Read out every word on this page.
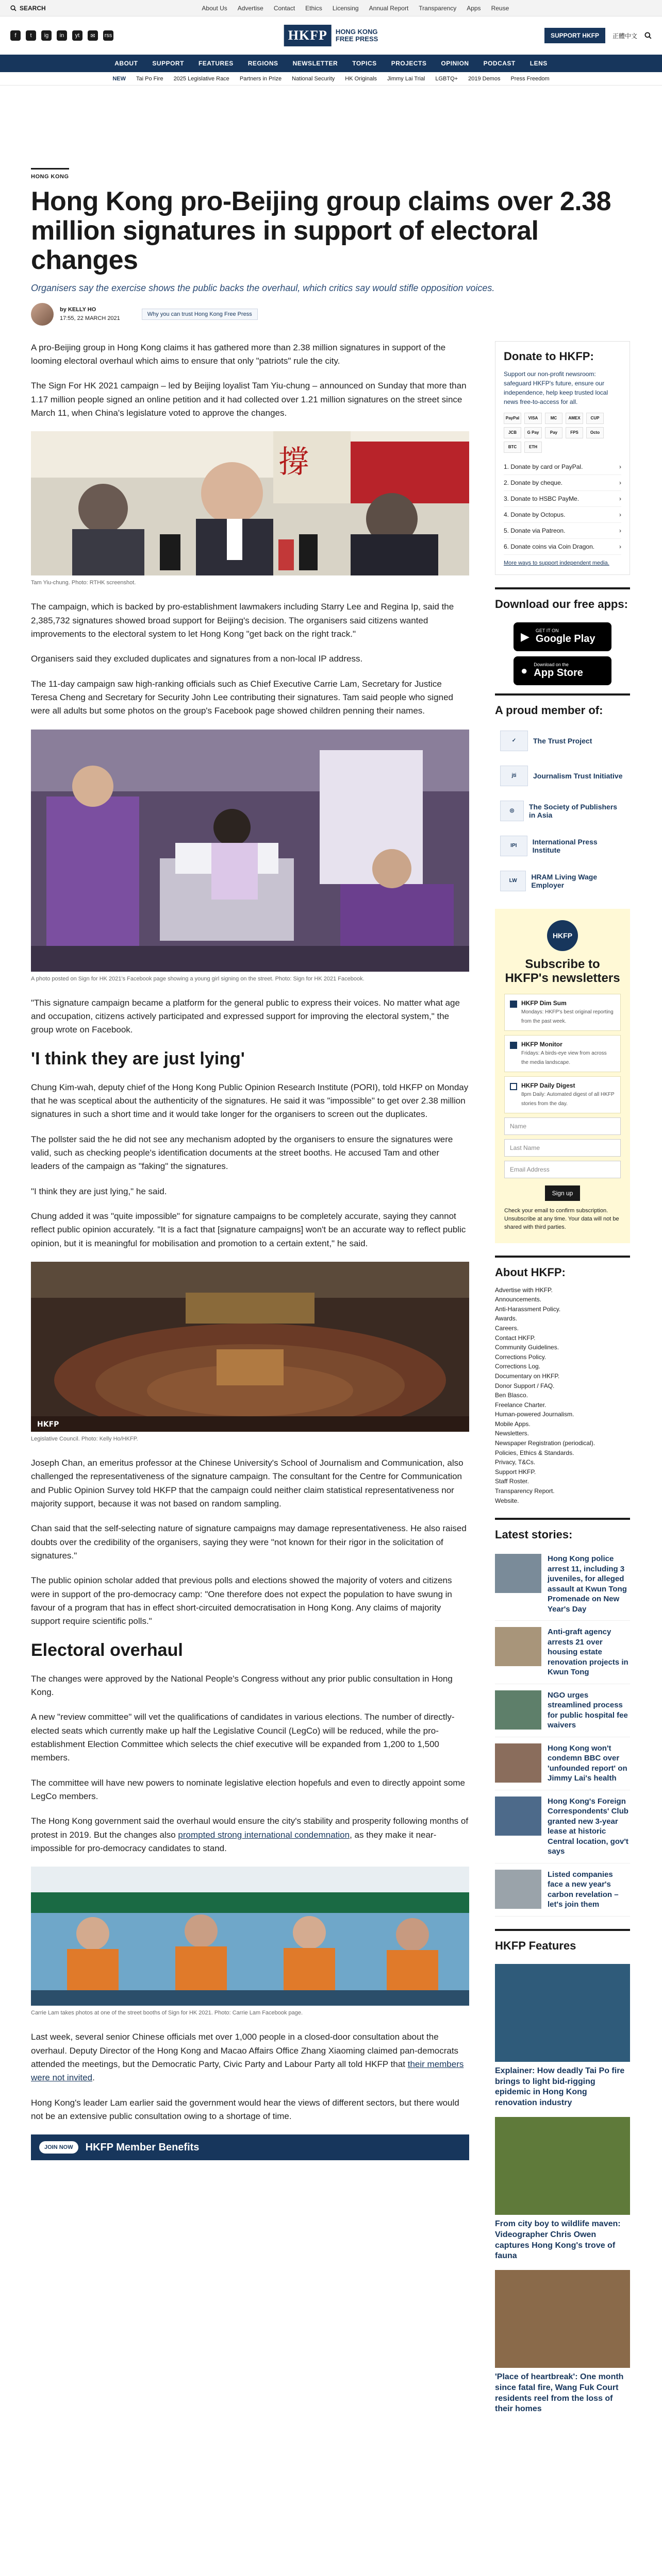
SEARCH	About Us Advertise Contact Ethics Licensing Annual Report Transparency Apps Reuse
f	t	ig	in	yt	✉	rss	HKFP	HONG KONG
FREE PRESS	SUPPORT HKFP	正體中文
ABOUT SUPPORT FEATURES REGIONS NEWSLETTER TOPICS PROJECTS OPINION PODCAST LENS
NEW Tai Po Fire 2025 Legislative Race Partners in Prize National Security HK Originals Jimmy Lai Trial LGBTQ+ 2019 Demos Press Freedom
HONG KONG
Hong Kong pro-Beijing group claims over 2.38 million signatures in support of electoral changes
Organisers say the exercise shows the public backs the overhaul, which critics say would stifle opposition voices.
by KELLY HO
17:55, 22 MARCH 2021
Why you can trust Hong Kong Free Press

A pro-Beijing group in Hong Kong claims it has gathered more than 2.38 million signatures in support of the looming electoral overhaul which aims to ensure that only "patriots" rule the city.

The Sign For HK 2021 campaign – led by Beijing loyalist Tam Yiu-chung – announced on Sunday that more than 1.17 million people signed an online petition and it had collected over 1.21 million signatures on the street since March 11, when China's legislature voted to approve the changes.

撐
Tam Yiu-chung. Photo: RTHK screenshot.

The campaign, which is backed by pro-establishment lawmakers including Starry Lee and Regina Ip, said the 2,385,732 signatures showed broad support for Beijing's decision. The organisers said citizens wanted improvements to the electoral system to let Hong Kong "get back on the right track."

Organisers said they excluded duplicates and signatures from a non-local IP address.

The 11-day campaign saw high-ranking officials such as Chief Executive Carrie Lam, Secretary for Justice Teresa Cheng and Secretary for Security John Lee contributing their signatures. Tam said people who signed were all adults but some photos on the group's Facebook page showed children penning their names.

A photo posted on Sign for HK 2021's Facebook page showing a young girl signing on the street. Photo: Sign for HK 2021 Facebook.

"This signature campaign became a platform for the general public to express their voices. No matter what age and occupation, citizens actively participated and expressed support for improving the electoral system," the group wrote on Facebook.

'I think they are just lying'

Chung Kim-wah, deputy chief of the Hong Kong Public Opinion Research Institute (PORI), told HKFP on Monday that he was sceptical about the authenticity of the signatures. He said it was "impossible" to get over 2.38 million signatures in such a short time and it would take longer for the organisers to screen out the duplicates.

The pollster said the he did not see any mechanism adopted by the organisers to ensure the signatures were valid, such as checking people's identification documents at the street booths. He accused Tam and other leaders of the campaign as "faking" the signatures.

"I think they are just lying," he said.

Chung added it was "quite impossible" for signature campaigns to be completely accurate, saying they cannot reflect public opinion accurately. "It is a fact that [signature campaigns] won't be an accurate way to reflect public opinion, but it is meaningful for mobilisation and promotion to a certain extent," he said.

HKFP
Legislative Council. Photo: Kelly Ho/HKFP.

Joseph Chan, an emeritus professor at the Chinese University's School of Journalism and Communication, also challenged the representativeness of the signature campaign. The consultant for the Centre for Communication and Public Opinion Survey told HKFP that the campaign could neither claim statistical representativeness nor majority support, because it was not based on random sampling.

Chan said that the self-selecting nature of signature campaigns may damage representativeness. He also raised doubts over the credibility of the organisers, saying they were "not known for their rigor in the solicitation of signatures."

The public opinion scholar added that previous polls and elections showed the majority of voters and citizens were in support of the pro-democracy camp: "One therefore does not expect the population to have swung in favour of a program that has in effect short-circuited democratisation in Hong Kong. Any claims of majority support require scientific polls."

Electoral overhaul

The changes were approved by the National People's Congress without any prior public consultation in Hong Kong.

A new "review committee" will vet the qualifications of candidates in various elections. The number of directly-elected seats which currently make up half the Legislative Council (LegCo) will be reduced, while the pro-establishment Election Committee which selects the chief executive will be expanded from 1,200 to 1,500 members.

The committee will have new powers to nominate legislative election hopefuls and even to directly appoint some LegCo members.

The Hong Kong government said the overhaul would ensure the city's stability and prosperity following months of protest in 2019. But the changes also prompted strong international condemnation, as they make it near-impossible for pro-democracy candidates to stand.

Carrie Lam takes photos at one of the street booths of Sign for HK 2021. Photo: Carrie Lam Facebook page.

Last week, several senior Chinese officials met over 1,000 people in a closed-door consultation about the overhaul. Deputy Director of the Hong Kong and Macao Affairs Office Zhang Xiaoming claimed pan-democrats attended the meetings, but the Democratic Party, Civic Party and Labour Party all told HKFP that their members were not invited.

Hong Kong's leader Lam earlier said the government would hear the views of different sectors, but there would not be an extensive public consultation owing to a shortage of time.

JOIN NOW	HKFP Member Benefits
Donate to HKFP:
Support our non-profit newsroom: safeguard HKFP's future, ensure our independence, help keep trusted local news free-to-access for all.
PayPal	VISA	MC	AMEX	CUP
JCB	G Pay	Pay	FPS	Octo
BTC	ETH
1. Donate by card or PayPal.	›
2. Donate by cheque.	›
3. Donate to HSBC PayMe.	›
4. Donate by Octopus.	›
5. Donate via Patreon.	›
6. Donate coins via Coin Dragon.	›
More ways to support independent media.
Download our free apps:
▶ GET IT ON
Google Play
● Download on the
App Store
A proud member of:
✓	The Trust Project
jti	Journalism Trust Initiative
◎	The Society of Publishers in Asia
IPI	International Press Institute
LW	HRAM Living Wage Employer
HKFP
Subscribe to HKFP's newsletters
HKFP Dim Sum
Mondays: HKFP's best original reporting from the past week.
HKFP Monitor
Fridays: A birds-eye view from across the media landscape.
HKFP Daily Digest
8pm Daily: Automated digest of all HKFP stories from the day.
Name
Last Name
Email Address
Sign up
Check your email to confirm subscription. Unsubscribe at any time. Your data will not be shared with third parties.
About HKFP:
Advertise with HKFP.
Announcements.
Anti-Harassment Policy.
Awards.
Careers.
Contact HKFP.
Community Guidelines.
Corrections Policy.
Corrections Log.
Documentary on HKFP.
Donor Support / FAQ.
Ben Blasco.
Freelance Charter.
Human-powered Journalism.
Mobile Apps.
Newsletters.
Newspaper Registration (periodical).
Policies, Ethics & Standards.
Privacy, T&Cs.
Support HKFP.
Staff Roster.
Transparency Report.
Website.
Latest stories:
Hong Kong police arrest 11, including 3 juveniles, for alleged assault at Kwun Tong Promenade on New Year's Day
Anti-graft agency arrests 21 over housing estate renovation projects in Kwun Tong
NGO urges streamlined process for public hospital fee waivers
Hong Kong won't condemn BBC over 'unfounded report' on Jimmy Lai's health
Hong Kong's Foreign Correspondents' Club granted new 3-year lease at historic Central location, gov't says
Listed companies face a new year's carbon revelation – let's join them
HKFP Features
Explainer: How deadly Tai Po fire brings to light bid-rigging epidemic in Hong Kong renovation industry
From city boy to wildlife maven: Videographer Chris Owen captures Hong Kong's trove of fauna
'Place of heartbreak': One month since fatal fire, Wang Fuk Court residents reel from the loss of their homes
